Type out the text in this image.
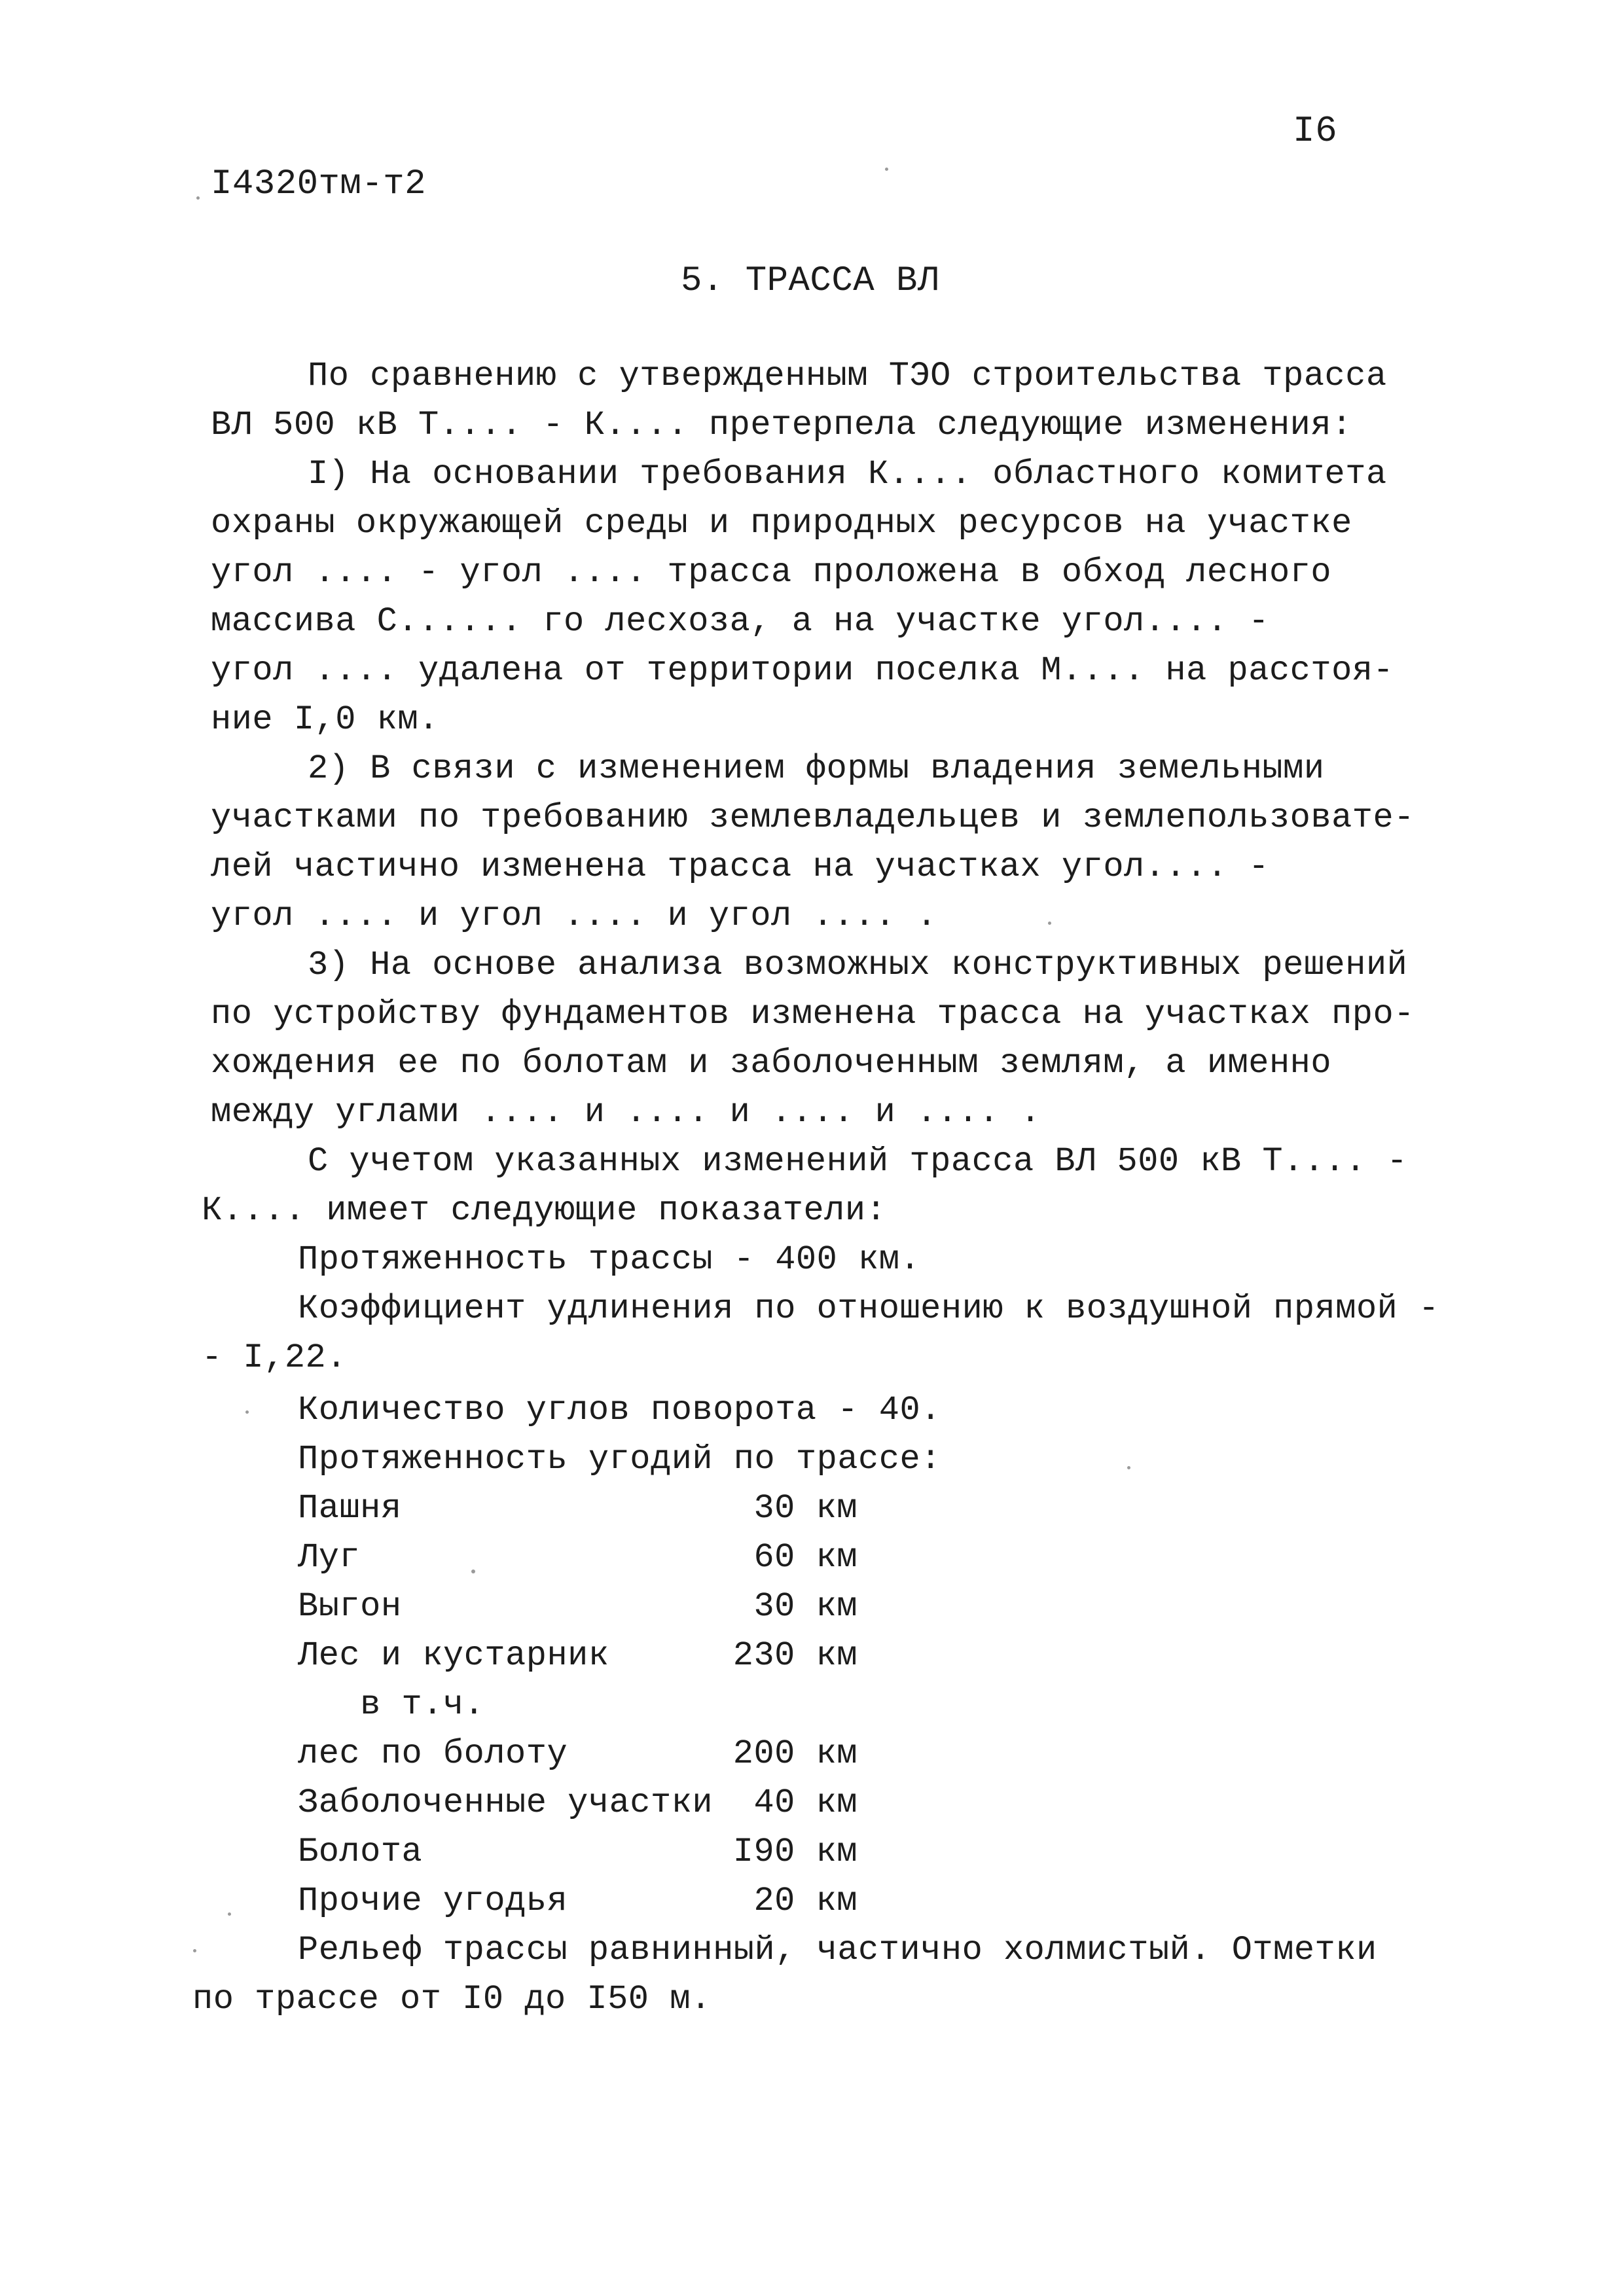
I6
I4320тм-т2
5. ТРАССА ВЛ
По сравнению с утвержденным ТЭО строительства трасса
ВЛ 500 кВ Т.... - К.... претерпела следующие изменения:
I) На основании требования К.... областного комитета
охраны окружающей среды и природных ресурсов на участке
угол .... - угол .... трасса проложена в обход лесного
массива С...... го лесхоза, а на участке угол.... -
угол .... удалена от территории поселка М.... на расстоя-
ние I,0 км.
2) В связи с изменением формы владения земельными
участками по требованию землевладельцев и землепользовате-
лей частично изменена трасса на участках угол.... -
угол .... и угол .... и угол .... .
3) На основе анализа возможных конструктивных решений
по устройству фундаментов изменена трасса на участках про-
хождения ее по болотам и заболоченным землям, а именно
между углами .... и .... и .... и .... .
С учетом указанных изменений трасса ВЛ 500 кВ Т.... -
К.... имеет следующие показатели:
Протяженность трассы - 400 км.
Коэффициент удлинения по отношению к воздушной прямой -
- I,22.
Количество углов поворота - 40.
Протяженность угодий по трассе:
Пашня	30 км
Луг	60 км
Выгон	30 км
Лес и кустарник	230 км
в т.ч.
лес по болоту	200 км
Заболоченные участки	40 км
Болота	I90 км
Прочие угодья	20 км
Рельеф трассы равнинный, частично холмистый. Отметки
по трассе от I0 до I50 м.
